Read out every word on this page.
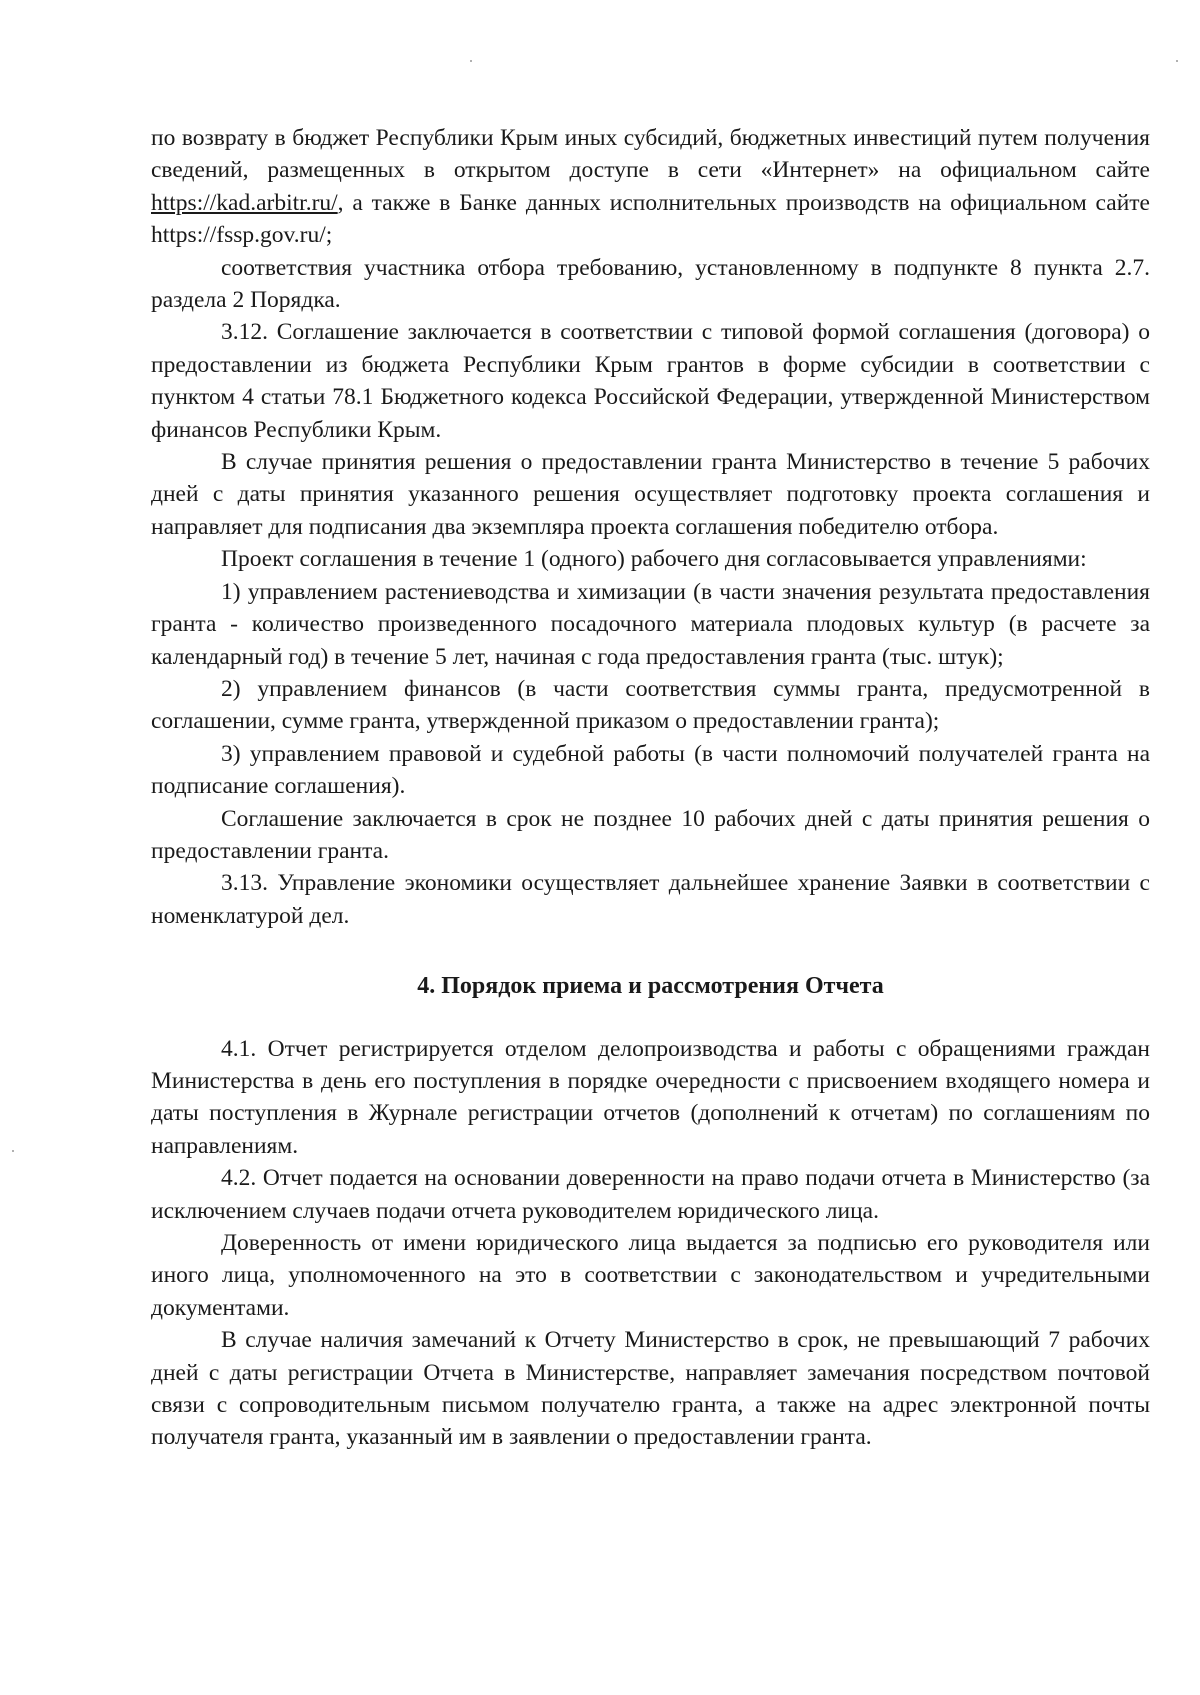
по возврату в бюджет Республики Крым иных субсидий, бюджетных инвестиций путем получения сведений, размещенных в открытом доступе в сети «Интернет» на официальном сайте https://kad.arbitr.ru/, а также в Банке данных исполнительных производств на официальном сайте https://fssp.gov.ru/;

соответствия участника отбора требованию, установленному в подпункте 8 пункта 2.7. раздела 2 Порядка.

3.12. Соглашение заключается в соответствии с типовой формой соглашения (договора) о предоставлении из бюджета Республики Крым грантов в форме субсидии в соответствии с пунктом 4 статьи 78.1 Бюджетного кодекса Российской Федерации, утвержденной Министерством финансов Республики Крым.

В случае принятия решения о предоставлении гранта Министерство в течение 5 рабочих дней с даты принятия указанного решения осуществляет подготовку проекта соглашения и направляет для подписания два экземпляра проекта соглашения победителю отбора.

Проект соглашения в течение 1 (одного) рабочего дня согласовывается управлениями:

1) управлением растениеводства и химизации (в части значения результата предоставления гранта - количество произведенного посадочного материала плодовых культур (в расчете за календарный год) в течение 5 лет, начиная с года предоставления гранта (тыс. штук);

2) управлением финансов (в части соответствия суммы гранта, предусмотренной в соглашении, сумме гранта, утвержденной приказом о предоставлении гранта);

3) управлением правовой и судебной работы (в части полномочий получателей гранта на подписание соглашения).

Соглашение заключается в срок не позднее 10 рабочих дней с даты принятия решения о предоставлении гранта.

3.13. Управление экономики осуществляет дальнейшее хранение Заявки в соответствии с номенклатурой дел.

4. Порядок приема и рассмотрения Отчета

4.1. Отчет регистрируется отделом делопроизводства и работы с обращениями граждан Министерства в день его поступления в порядке очередности с присвоением входящего номера и даты поступления в Журнале регистрации отчетов (дополнений к отчетам) по соглашениям по направлениям.

4.2. Отчет подается на основании доверенности на право подачи отчета в Министерство (за исключением случаев подачи отчета руководителем юридического лица.

Доверенность от имени юридического лица выдается за подписью его руководителя или иного лица, уполномоченного на это в соответствии с законодательством и учредительными документами.

В случае наличия замечаний к Отчету Министерство в срок, не превышающий 7 рабочих дней с даты регистрации Отчета в Министерстве, направляет замечания посредством почтовой связи с сопроводительным письмом получателю гранта, а также на адрес электронной почты получателя гранта, указанный им в заявлении о предоставлении гранта.
